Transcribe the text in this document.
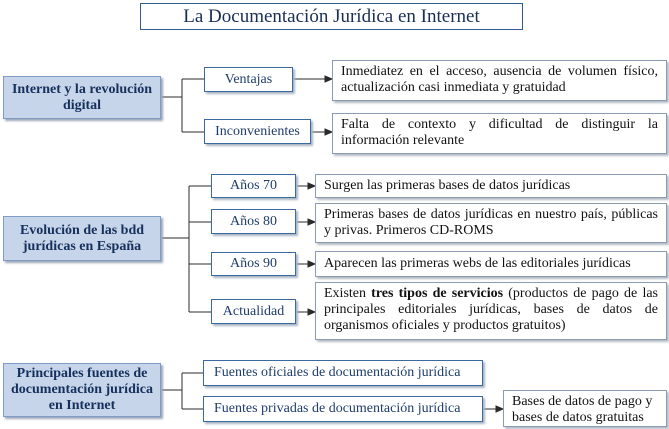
La Documentación Jurídica en Internet
Internet y la revolución digital
Ventajas	Inmediatez en el acceso, ausencia de volumen físico, actualización casi inmediata y gratuidad
Inconvenientes	Falta de contexto y dificultad de distinguir la información relevante
Evolución de las bdd jurídicas en España
Años 70	Surgen las primeras bases de datos jurídicas
Años 80	Primeras bases de datos jurídicas en nuestro país, públicas y privas. Primeros CD-ROMS
Años 90	Aparecen las primeras webs de las editoriales jurídicas
Actualidad
Existen tres tipos de servicios (productos de pago de las principales editoriales jurídicas, bases de datos de organismos oficiales y productos gratuitos)
Principales fuentes de documentación jurídica en Internet
Fuentes oficiales de documentación jurídica
Fuentes privadas de documentación jurídica	Bases de datos de pago y bases de datos gratuitas
